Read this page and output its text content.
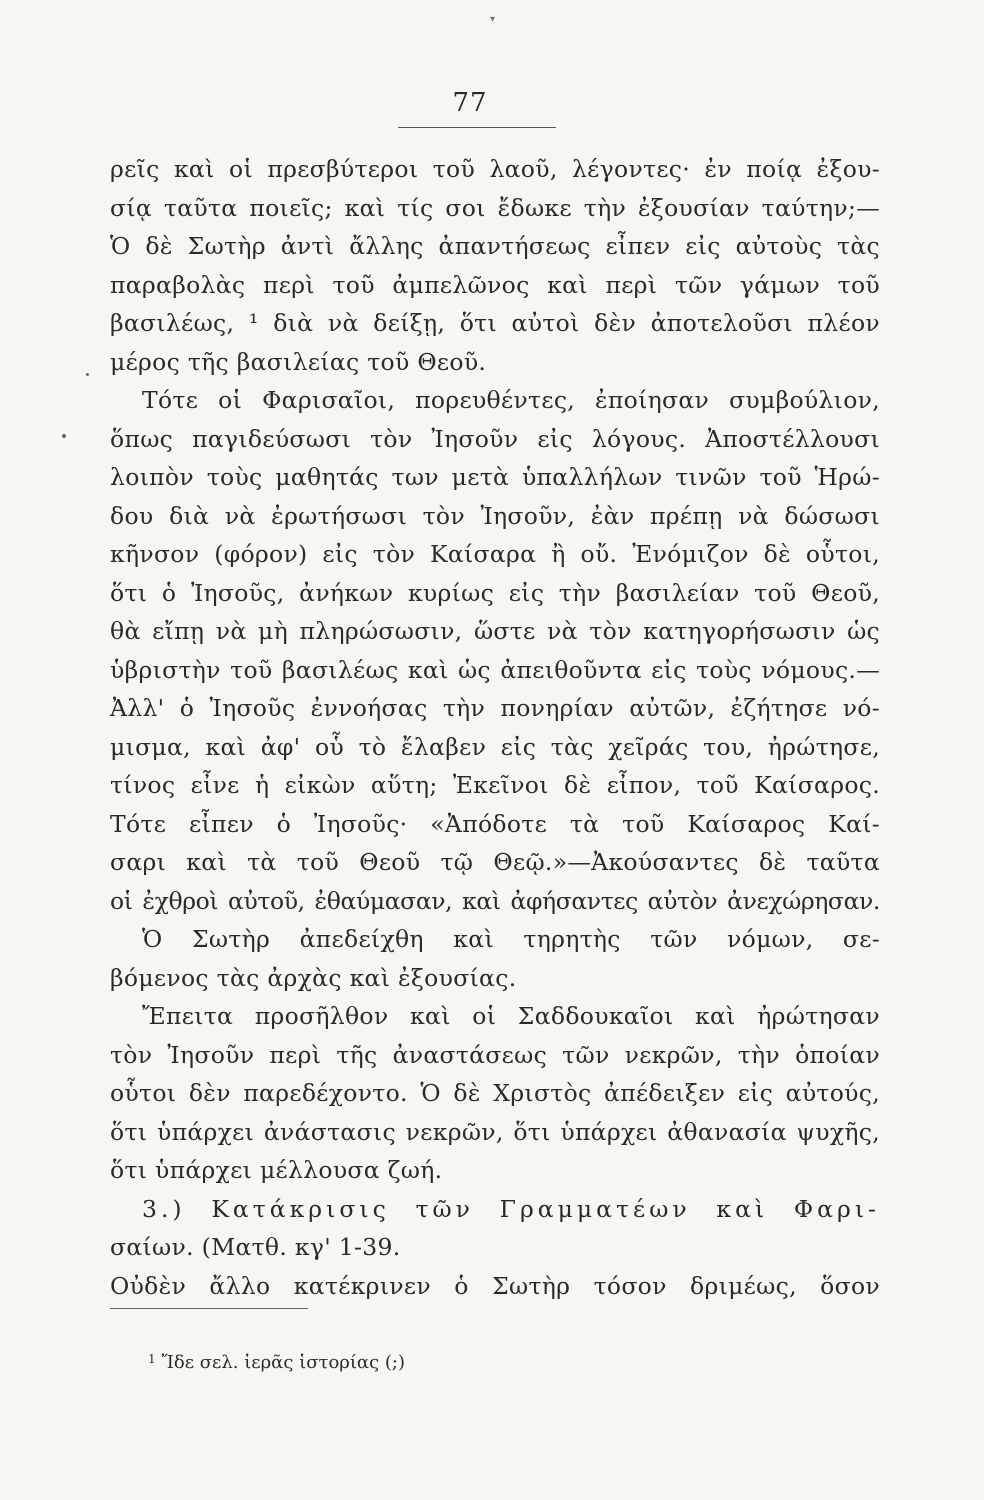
▾
77
ρεῖς καὶ οἱ πρεσβύτεροι τοῦ λαοῦ, λέγοντες· ἐν ποίᾳ ἐξου-
σίᾳ ταῦτα ποιεῖς; καὶ τίς σοι ἔδωκε τὴν ἐξουσίαν ταύτην;—
Ὁ δὲ Σωτὴρ ἀντὶ ἄλλης ἀπαντήσεως εἶπεν εἰς αὐτοὺς τὰς
παραβολὰς περὶ τοῦ ἀμπελῶνος καὶ περὶ τῶν γάμων τοῦ
βασιλέως, ¹ διὰ νὰ δείξῃ, ὅτι αὐτοὶ δὲν ἀποτελοῦσι πλέον
μέρος τῆς βασιλείας τοῦ Θεοῦ.
Τότε οἱ Φαρισαῖοι, πορευθέντες, ἐποίησαν συμβούλιον,
ὅπως παγιδεύσωσι τὸν Ἰησοῦν εἰς λόγους. Ἀποστέλλουσι
λοιπὸν τοὺς μαθητάς των μετὰ ὑπαλλήλων τινῶν τοῦ Ἡρώ-
δου διὰ νὰ ἐρωτήσωσι τὸν Ἰησοῦν, ἐὰν πρέπῃ νὰ δώσωσι
κῆνσον (φόρον) εἰς τὸν Καίσαρα ἢ οὔ. Ἐνόμιζον δὲ οὗτοι,
ὅτι ὁ Ἰησοῦς, ἀνήκων κυρίως εἰς τὴν βασιλείαν τοῦ Θεοῦ,
θὰ εἴπῃ νὰ μὴ πληρώσωσιν, ὥστε νὰ τὸν κατηγορήσωσιν ὡς
ὑβριστὴν τοῦ βασιλέως καὶ ὡς ἀπειθοῦντα εἰς τοὺς νόμους.—
Ἀλλ' ὁ Ἰησοῦς ἐννοήσας τὴν πονηρίαν αὐτῶν, ἐζήτησε νό-
μισμα, καὶ ἀφ' οὗ τὸ ἔλαβεν εἰς τὰς χεῖράς του, ἠρώτησε,
τίνος εἶνε ἡ εἰκὼν αὕτη; Ἐκεῖνοι δὲ εἶπον, τοῦ Καίσαρος.
Τότε εἶπεν ὁ Ἰησοῦς· «Ἀπόδοτε τὰ τοῦ Καίσαρος Καί-
σαρι καὶ τὰ τοῦ Θεοῦ τῷ Θεῷ.»—Ἀκούσαντες δὲ ταῦτα
οἱ ἐχθροὶ αὐτοῦ, ἐθαύμασαν, καὶ ἀφήσαντες αὐτὸν ἀνεχώρησαν.
Ὁ Σωτὴρ ἀπεδείχθη καὶ τηρητὴς τῶν νόμων, σε-
βόμενος τὰς ἀρχὰς καὶ ἐξουσίας.
Ἔπειτα προσῆλθον καὶ οἱ Σαδδουκαῖοι καὶ ἠρώτησαν
τὸν Ἰησοῦν περὶ τῆς ἀναστάσεως τῶν νεκρῶν, τὴν ὁποίαν
οὗτοι δὲν παρεδέχοντο. Ὁ δὲ Χριστὸς ἀπέδειξεν εἰς αὐτούς,
ὅτι ὑπάρχει ἀνάστασις νεκρῶν, ὅτι ὑπάρχει ἀθανασία ψυχῆς,
ὅτι ὑπάρχει μέλλουσα ζωή.
3.) Κατάκρισις τῶν Γραμματέων καὶ Φαρι-
σαίων. (Ματθ. κγ' 1-39.
Οὐδὲν ἄλλο κατέκρινεν ὁ Σωτὴρ τόσον δριμέως, ὅσον
$^1$ Ἴδε σελ. ἱερᾶς ἱστορίας (;)
